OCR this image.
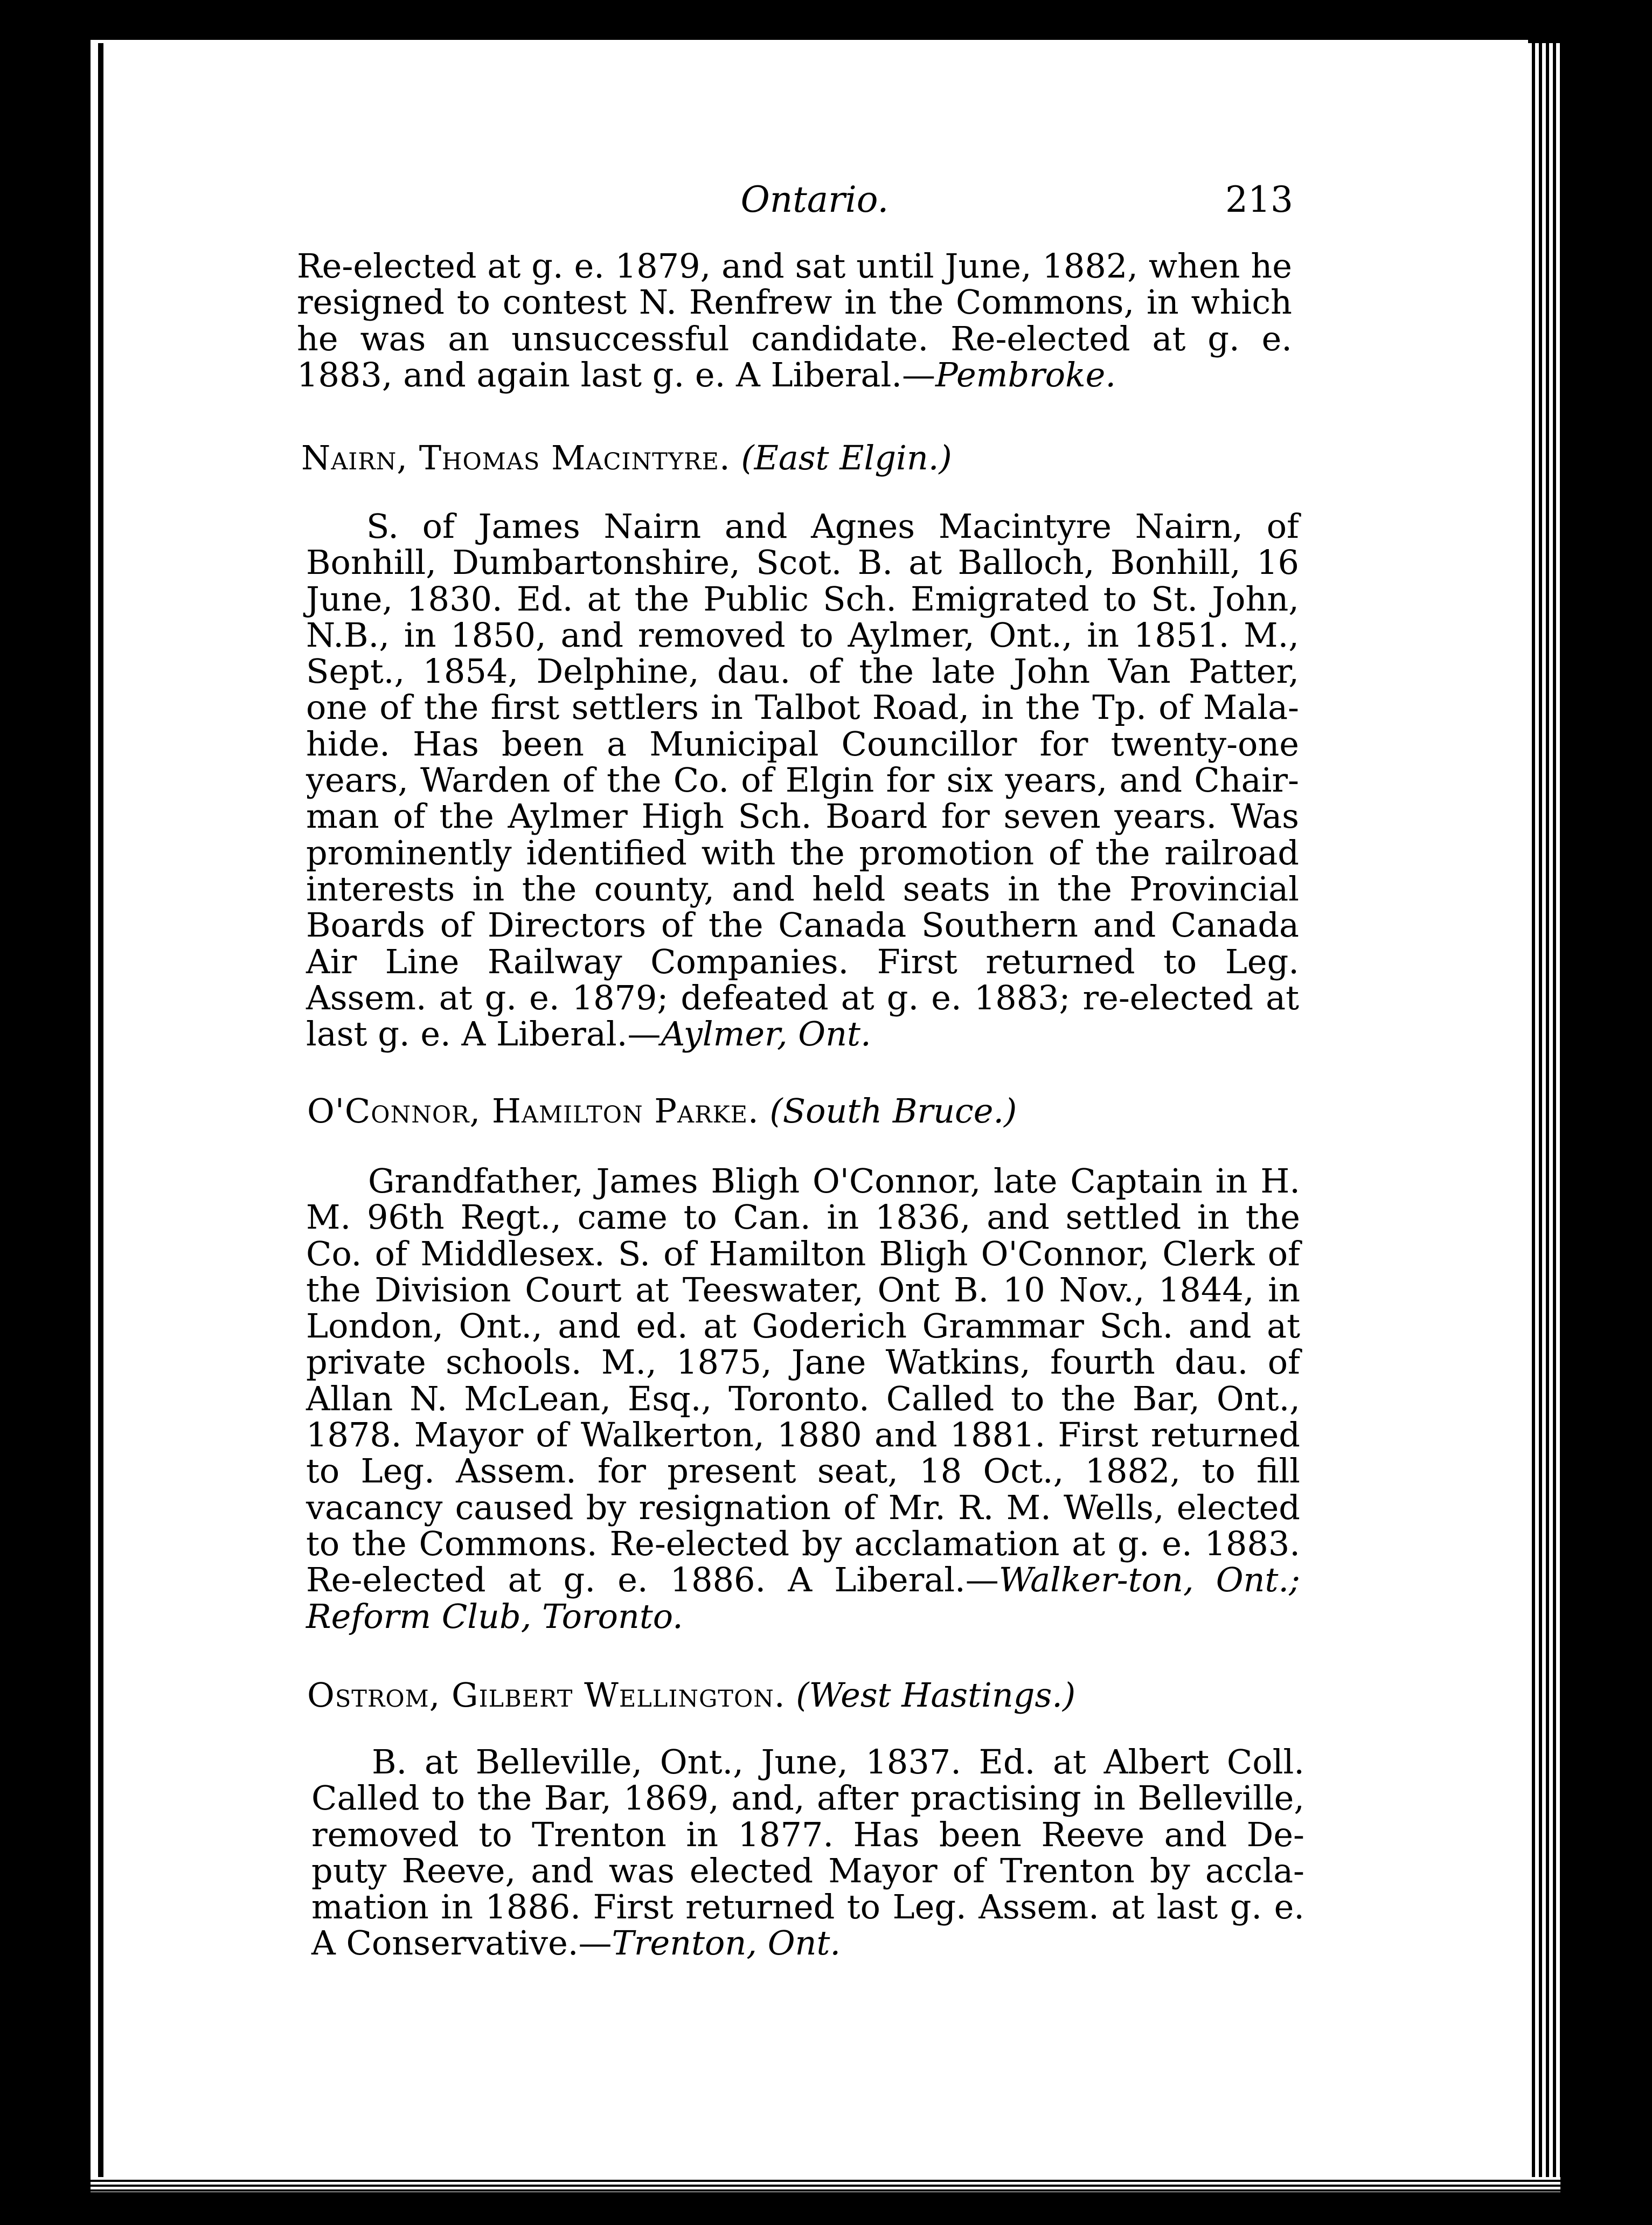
Ontario.	213
Re-elected at g. e. 1879, and sat until June, 1882, when he resigned to contest N. Renfrew in the Commons, in which he was an unsuccessful candidate. Re-elected at g. e. 1883, and again last g. e. A Liberal.—Pembroke.
Nairn, Thomas Macintyre. (East Elgin.)
S. of James Nairn and Agnes Macintyre Nairn, of Bonhill, Dumbartonshire, Scot. B. at Balloch, Bonhill, 16 June, 1830. Ed. at the Public Sch. Emigrated to St. John, N.B., in 1850, and removed to Aylmer, Ont., in 1851. M., Sept., 1854, Delphine, dau. of the late John Van Patter, one of the first settlers in Talbot Road, in the Tp. of Mala- hide. Has been a Municipal Councillor for twenty-one years, Warden of the Co. of Elgin for six years, and Chair- man of the Aylmer High Sch. Board for seven years. Was prominently identified with the promotion of the railroad interests in the county, and held seats in the Provincial Boards of Directors of the Canada Southern and Canada Air Line Railway Companies. First returned to Leg. Assem. at g. e. 1879; defeated at g. e. 1883; re-elected at last g. e. A Liberal.—Aylmer, Ont.
O'Connor, Hamilton Parke. (South Bruce.)
Grandfather, James Bligh O'Connor, late Captain in H. M. 96th Regt., came to Can. in 1836, and settled in the Co. of Middlesex. S. of Hamilton Bligh O'Connor, Clerk of the Division Court at Teeswater, Ont B. 10 Nov., 1844, in London, Ont., and ed. at Goderich Grammar Sch. and at private schools. M., 1875, Jane Watkins, fourth dau. of Allan N. McLean, Esq., Toronto. Called to the Bar, Ont., 1878. Mayor of Walkerton, 1880 and 1881. First returned to Leg. Assem. for present seat, 18 Oct., 1882, to fill vacancy caused by resignation of Mr. R. M. Wells, elected to the Commons. Re-elected by acclamation at g. e. 1883. Re-elected at g. e. 1886. A Liberal.—Walker-ton, Ont.; Reform Club, Toronto.
Ostrom, Gilbert Wellington. (West Hastings.)
B. at Belleville, Ont., June, 1837. Ed. at Albert Coll. Called to the Bar, 1869, and, after practising in Belleville, removed to Trenton in 1877. Has been Reeve and De- puty Reeve, and was elected Mayor of Trenton by accla- mation in 1886. First returned to Leg. Assem. at last g. e. A Conservative.—Trenton, Ont.
